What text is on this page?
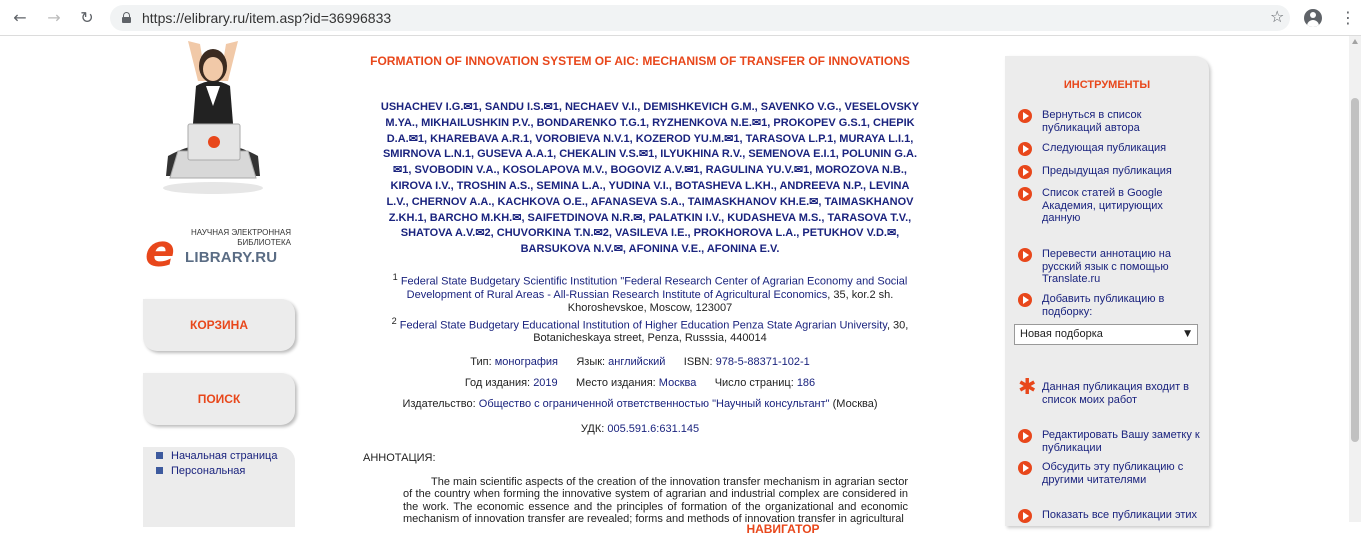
← → ↻	https://elibrary.ru/item.asp?id=36996833	☆	⋮
НАУЧНАЯ ЭЛЕКТРОННАЯ
БИБЛИОТЕКА
e LIBRARY.RU
КОРЗИНА
ПОИСК
НАВИГАТОР
Начальная страница
Персональная
FORMATION OF INNOVATION SYSTEM OF AIC: MECHANISM OF TRANSFER OF INNOVATIONS
USHACHEV I.G.✉1, SANDU I.S.✉1, NECHAEV V.I., DEMISHKEVICH G.M., SAVENKO V.G., VESELOVSKY M.YA., MIKHAILUSHKIN P.V., BONDARENKO T.G.1, RYZHENKOVA N.E.✉1, PROKOPEV G.S.1, CHEPIK D.A.✉1, KHAREBAVA A.R.1, VOROBIEVA N.V.1, KOZEROD YU.M.✉1, TARASOVA L.P.1, MURAYA L.I.1, SMIRNOVA L.N.1, GUSEVA A.A.1, CHEKALIN V.S.✉1, ILYUKHINA R.V., SEMENOVA E.I.1, POLUNIN G.A.✉1, SVOBODIN V.A., KOSOLAPOVA M.V., BOGOVIZ A.V.✉1, RAGULINA YU.V.✉1, MOROZOVA N.B., KIROVA I.V., TROSHIN A.S., SEMINA L.A., YUDINA V.I., BOTASHEVA L.KH., ANDREEVA N.P., LEVINA L.V., CHERNOV A.A., KACHKOVA O.E., AFANASEVA S.A., TAIMASKHANOV KH.E.✉, TAIMASKHANOV Z.KH.1, BARCHO M.KH.✉, SAIFETDINOVA N.R.✉, PALATKIN I.V., KUDASHEVA M.S., TARASOVA T.V., SHATOVA A.V.✉2, CHUVORKINA T.N.✉2, VASILEVA I.E., PROKHOROVA L.A., PETUKHOV V.D.✉, BARSUKOVA N.V.✉, AFONINA V.E., AFONINA E.V.
$^1$ Federal State Budgetary Scientific Institution "Federal Research Center of Agrarian Economy and Social Development of Rural Areas - All-Russian Research Institute of Agricultural Economics, 35, kor.2 sh. Khoroshevskoe, Moscow, 123007
$^2$ Federal State Budgetary Educational Institution of Higher Education Penza State Agrarian University, 30, Botanicheskaya street, Penza, Russsia, 440014
Тип: монография Язык: английский ISBN: 978-5-88371-102-1
Год издания: 2019 Место издания: Москва Число страниц: 186
Издательство: Общество с ограниченной ответственностью "Научный консультант" (Москва)
УДК: 005.591.6:631.145
АННОТАЦИЯ:
The main scientific aspects of the creation of the innovation transfer mechanism in agrarian sector of the country when forming the innovative system of agrarian and industrial complex are considered in the work. The economic essence and the principles of formation of the organizational and economic mechanism of innovation transfer are revealed; forms and methods of innovation transfer in agricultural
ИНСТРУМЕНТЫ
Вернуться в список публикаций автора
Следующая публикация
Предыдущая публикация
Список статей в Google Академия, цитирующих данную
Перевести аннотацию на русский язык с помощью Translate.ru
Добавить публикацию в подборку:
Новая подборка	▼
✱ Данная публикация входит в список моих работ
Редактировать Вашу заметку к публикации
Обсудить эту публикацию с другими читателями
Показать все публикации этих
